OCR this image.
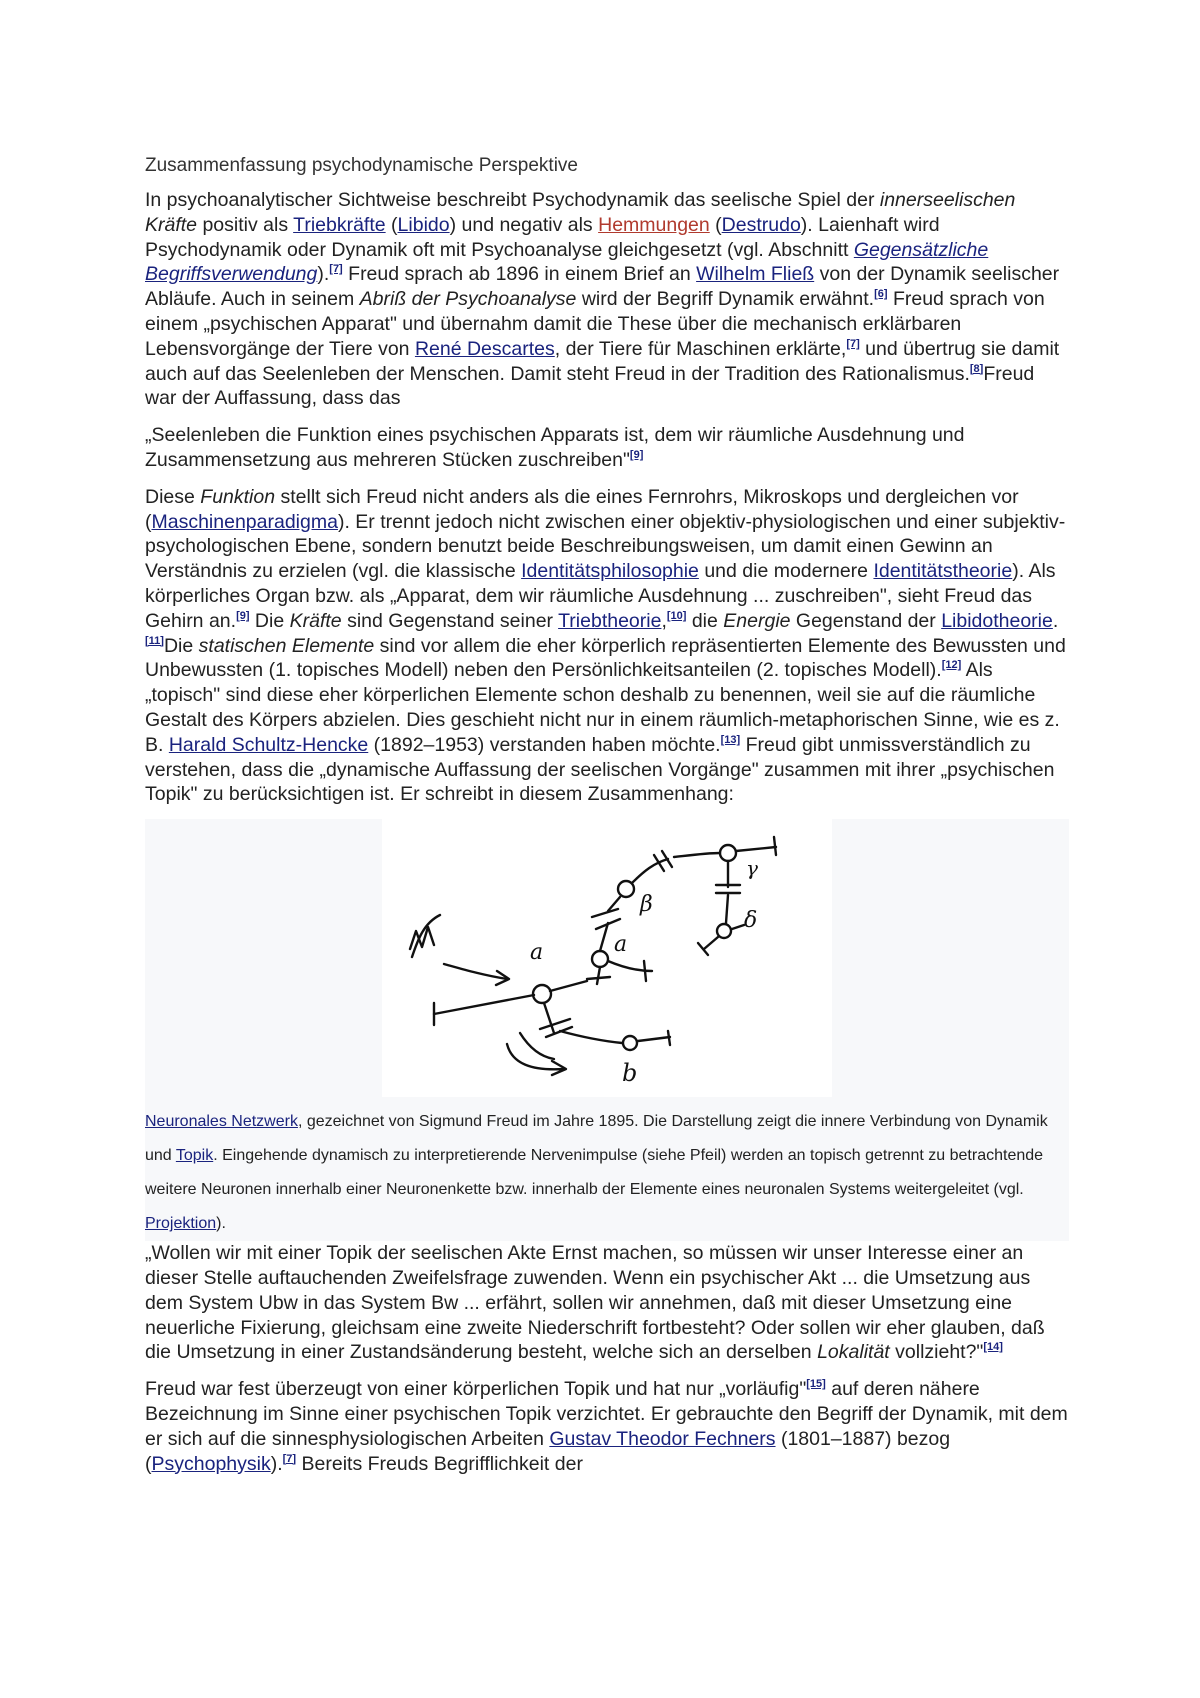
Zusammenfassung psychodynamische Perspektive

In psychoanalytischer Sichtweise beschreibt Psychodynamik das seelische Spiel der innerseelischen Kräfte positiv als Triebkräfte (Libido) und negativ als Hemmungen (Destrudo). Laienhaft wird Psychodynamik oder Dynamik oft mit Psychoanalyse gleichgesetzt (vgl. Abschnitt Gegensätzliche Begriffsverwendung).[7] Freud sprach ab 1896 in einem Brief an Wilhelm Fließ von der Dynamik seelischer Abläufe. Auch in seinem Abriß der Psychoanalyse wird der Begriff Dynamik erwähnt.[6] Freud sprach von einem „psychischen Apparat" und übernahm damit die These über die mechanisch erklärbaren Lebensvorgänge der Tiere von René Descartes, der Tiere für Maschinen erklärte,[7] und übertrug sie damit auch auf das Seelenleben der Menschen. Damit steht Freud in der Tradition des Rationalismus.[8]Freud war der Auffassung, dass das

„Seelenleben die Funktion eines psychischen Apparats ist, dem wir räumliche Ausdehnung und Zusammensetzung aus mehreren Stücken zuschreiben"[9]

Diese Funktion stellt sich Freud nicht anders als die eines Fernrohrs, Mikroskops und dergleichen vor (Maschinenparadigma). Er trennt jedoch nicht zwischen einer objektiv-physiologischen und einer subjektiv-psychologischen Ebene, sondern benutzt beide Beschreibungsweisen, um damit einen Gewinn an Verständnis zu erzielen (vgl. die klassische Identitätsphilosophie und die modernere Identitätstheorie). Als körperliches Organ bzw. als „Apparat, dem wir räumliche Ausdehnung ... zuschreiben", sieht Freud das Gehirn an.[9] Die Kräfte sind Gegenstand seiner Triebtheorie,[10] die Energie Gegenstand der Libidotheorie.[11]Die statischen Elemente sind vor allem die eher körperlich repräsentierten Elemente des Bewussten und Unbewussten (1. topisches Modell) neben den Persönlichkeitsanteilen (2. topisches Modell).[12] Als „topisch" sind diese eher körperlichen Elemente schon deshalb zu benennen, weil sie auf die räumliche Gestalt des Körpers abzielen. Dies geschieht nicht nur in einem räumlich-metaphorischen Sinne, wie es z. B. Harald Schultz-Hencke (1892–1953) verstanden haben möchte.[13] Freud gibt unmissverständlich zu verstehen, dass die „dynamische Auffassung der seelischen Vorgänge" zusammen mit ihrer „psychischen Topik" zu berücksichtigen ist. Er schreibt in diesem Zusammenhang:

a	a
β
γ
δ
b
Neuronales Netzwerk, gezeichnet von Sigmund Freud im Jahre 1895. Die Darstellung zeigt die innere Verbindung von Dynamik und Topik. Eingehende dynamisch zu interpretierende Nervenimpulse (siehe Pfeil) werden an topisch getrennt zu betrachtende weitere Neuronen innerhalb einer Neuronenkette bzw. innerhalb der Elemente eines neuronalen Systems weitergeleitet (vgl. Projektion).

„Wollen wir mit einer Topik der seelischen Akte Ernst machen, so müssen wir unser Interesse einer an dieser Stelle auftauchenden Zweifelsfrage zuwenden. Wenn ein psychischer Akt ... die Umsetzung aus dem System Ubw in das System Bw ... erfährt, sollen wir annehmen, daß mit dieser Umsetzung eine neuerliche Fixierung, gleichsam eine zweite Niederschrift fortbesteht? Oder sollen wir eher glauben, daß die Umsetzung in einer Zustandsänderung besteht, welche sich an derselben Lokalität vollzieht?"[14]

Freud war fest überzeugt von einer körperlichen Topik und hat nur „vorläufig"[15] auf deren nähere Bezeichnung im Sinne einer psychischen Topik verzichtet. Er gebrauchte den Begriff der Dynamik, mit dem er sich auf die sinnesphysiologischen Arbeiten Gustav Theodor Fechners (1801–1887) bezog (Psychophysik).[7] Bereits Freuds Begrifflichkeit der
